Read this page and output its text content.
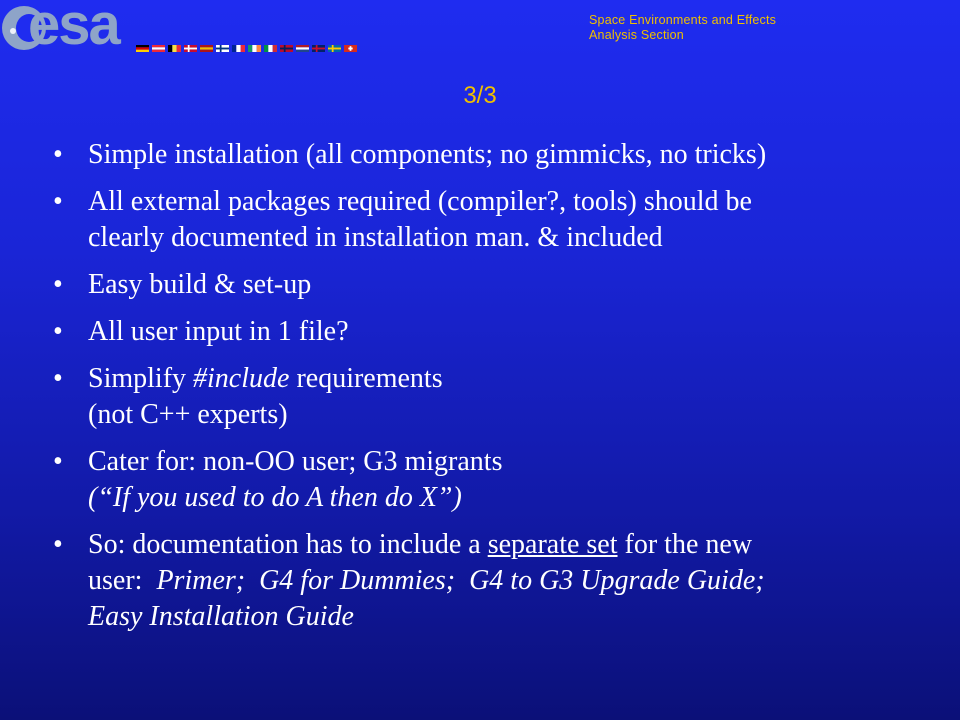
esa	Space Environments and Effects
Analysis Section
3/3
• Simple installation (all components; no gimmicks, no tricks)
• All external packages required (compiler?, tools) should be
clearly documented in installation man. & included
• Easy build & set-up
• All user input in 1 file?
• Simplify #include requirements
(not C++ experts)
• Cater for: non-OO user; G3 migrants
(“If you used to do A then do X”)
• So: documentation has to include a separate set for the new
user:  Primer;  G4 for Dummies;  G4 to G3 Upgrade Guide;
Easy Installation Guide
